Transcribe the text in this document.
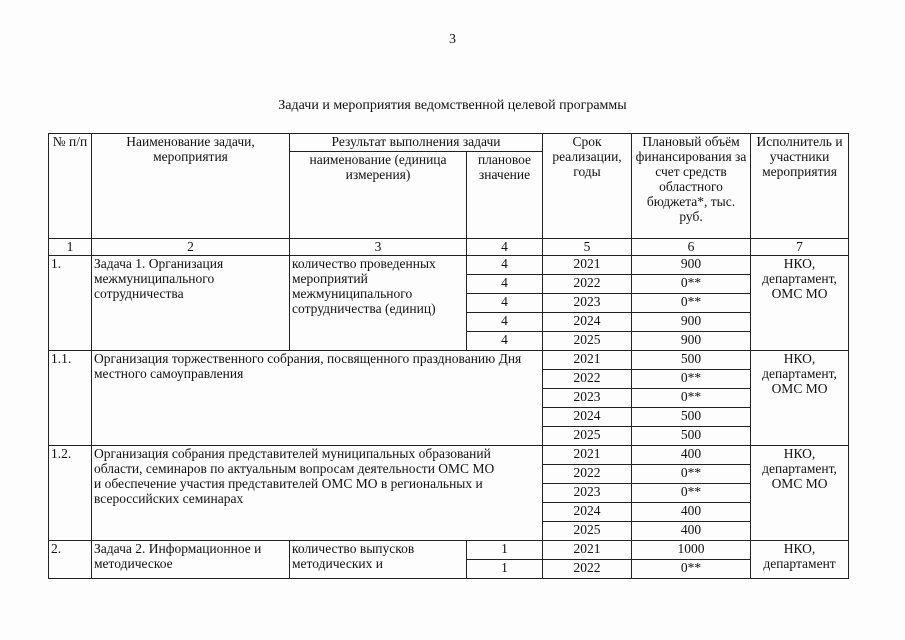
3
Задачи и мероприятия ведомственной целевой программы
№ п/п	Наименование задачи, мероприятия	Результат выполнения задачи		Срок реализации, годы	Плановый объём финансирования за счет средств областного бюджета*, тыс. руб.	Исполнитель и участники мероприятия
		наименование (единица измерения)	плановое значение			
1	2	3	4	5	6	7
1.	Задача 1. Организация межмуниципального сотрудничества	количество проведенных мероприятий межмуниципального сотрудничества (единиц)	4	2021	900	НКО, департамент, ОМС МО
			4	2022	0**	
			4	2023	0**	
			4	2024	900	
			4	2025	900	
1.1.	Организация торжественного собрания, посвященного празднованию Дня местного самоуправления			2021	500	НКО, департамент, ОМС МО
				2022	0**	
				2023	0**	
				2024	500	
				2025	500	
1.2.	Организация собрания представителей муниципальных образований области, семинаров по актуальным вопросам деятельности ОМС МО и обеспечение участия представителей ОМС МО в региональных и всероссийских семинарах			2021	400	НКО, департамент, ОМС МО
				2022	0**	
				2023	0**	
				2024	400	
				2025	400	
2.	Задача 2. Информационное и методическое	количество выпусков методических и	1	2021	1000	НКО, департамент
			1	2022	0**	
